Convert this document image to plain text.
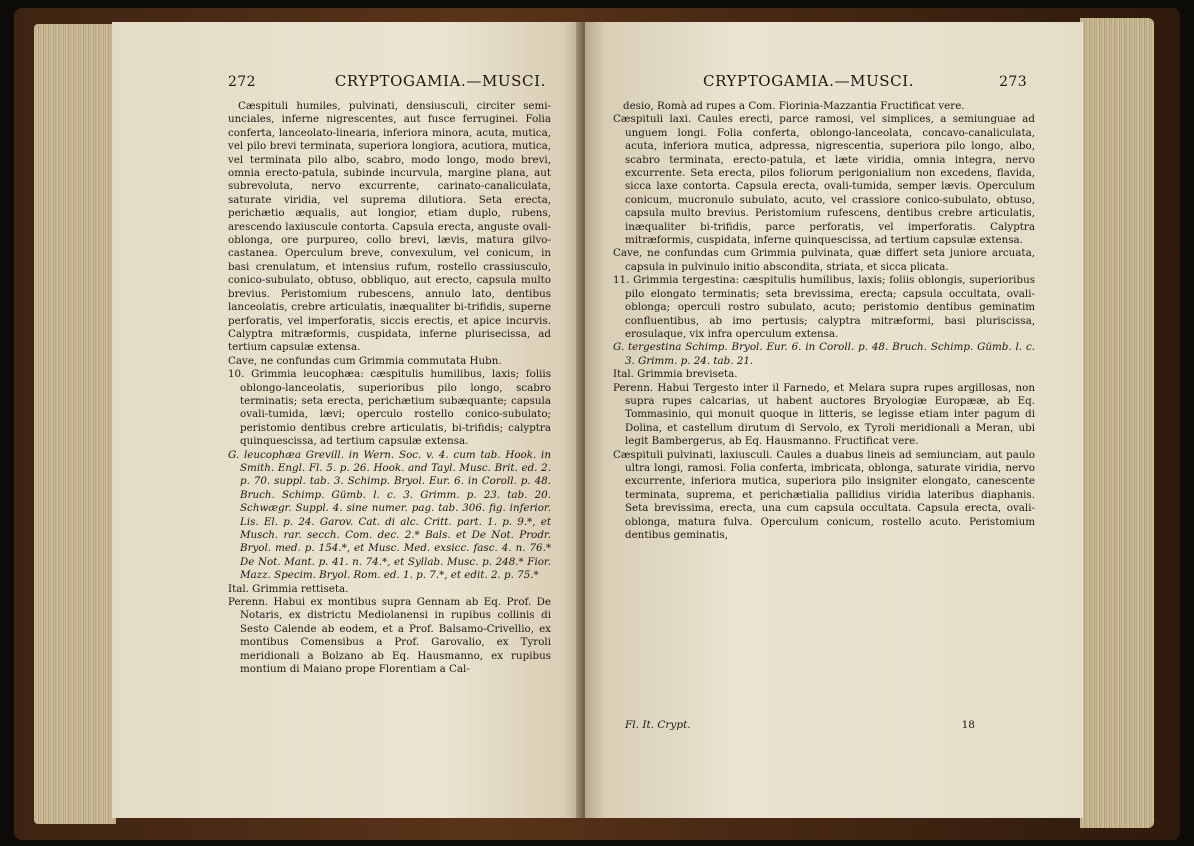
272	CRYPTOGAMIA.—MUSCI.

Cæspituli humiles, pulvinati, densiusculi, circiter semi-unciales, inferne nigrescentes, aut fusce ferruginei. Folia conferta, lanceolato-linearia, inferiora minora, acuta, mutica, vel pilo brevi terminata, superiora longiora, acutiora, mutica, vel terminata pilo albo, scabro, modo longo, modo brevi, omnia erecto-patula, subinde incurvula, margine plana, aut subrevoluta, nervo excurrente, carinato-canaliculata, saturate viridia, vel suprema dilutiora. Seta erecta, perichætio æqualis, aut longior, etiam duplo, rubens, arescendo laxiuscule contorta. Capsula erecta, anguste ovali-oblonga, ore purpureo, collo brevi, lævis, matura gilvo-castanea. Operculum breve, convexulum, vel conicum, in basi crenulatum, et intensius rufum, rostello crassiusculo, conico-subulato, obtuso, obbliquo, aut erecto, capsula multo brevius. Peristomium rubescens, annulo lato, dentibus lanceolatis, crebre articulatis, inæqualiter bi-trifidis, superne perforatis, vel imperforatis, siccis erectis, et apice incurvis. Calyptra mitræformis, cuspidata, inferne plurisecissa, ad tertium capsulæ extensa.

Cave, ne confundas cum Grimmia commutata Hubn.

10. Grimmia leucophæa: cæspitulis humilibus, laxis; foliis oblongo-lanceolatis, superioribus pilo longo, scabro terminatis; seta erecta, perichætium subæquante; capsula ovali-tumida, lævi; operculo rostello conico-subulato; peristomio dentibus crebre articulatis, bi-trifidis; calyptra quinquescissa, ad tertium capsulæ extensa.

G. leucophæa Grevill. in Wern. Soc. v. 4. cum tab. Hook. in Smith. Engl. Fl. 5. p. 26. Hook. and Tayl. Musc. Brit. ed. 2. p. 70. suppl. tab. 3. Schimp. Bryol. Eur. 6. in Coroll. p. 48. Bruch. Schimp. Gümb. l. c. 3. Grimm. p. 23. tab. 20. Schwægr. Suppl. 4. sine numer. pag. tab. 306. fig. inferior. Lis. El. p. 24. Garov. Cat. di alc. Critt. part. 1. p. 9.*, et Musch. rar. secch. Com. dec. 2.* Bals. et De Not. Prodr. Bryol. med. p. 154.*, et Musc. Med. exsicc. fasc. 4. n. 76.* De Not. Mant. p. 41. n. 74.*, et Syllab. Musc. p. 248.* Fior. Mazz. Specim. Bryol. Rom. ed. 1. p. 7.*, et edit. 2. p. 75.*

Ital. Grimmia rettiseta.

Perenn. Habui ex montibus supra Gennam ab Eq. Prof. De Notaris, ex districtu Mediolanensi in rupibus collinis di Sesto Calende ab eodem, et a Prof. Balsamo-Crivellio, ex montibus Comensibus a Prof. Garovalio, ex Tyroli meridionali a Bolzano ab Eq. Hausmanno, ex rupibus montium di Maiano prope Florentiam a Cal-

CRYPTOGAMIA.—MUSCI.	273

desio, Romà ad rupes a Com. Fiorinia-Mazzantia Fructificat vere.

Cæspituli laxi. Caules erecti, parce ramosi, vel simplices, a semiunguae ad unguem longi. Folia conferta, oblongo-lanceolata, concavo-canaliculata, acuta, inferiora mutica, adpressa, nigrescentia, superiora pilo longo, albo, scabro terminata, erecto-patula, et læte viridia, omnia integra, nervo excurrente. Seta erecta, pilos foliorum perigonialium non excedens, flavida, sicca laxe contorta. Capsula erecta, ovali-tumida, semper lævis. Operculum conicum, mucronulo subulato, acuto, vel crassiore conico-subulato, obtuso, capsula multo brevius. Peristomium rufescens, dentibus crebre articulatis, inæqualiter bi-trifidis, parce perforatis, vel imperforatis. Calyptra mitræformis, cuspidata, inferne quinquescissa, ad tertium capsulæ extensa.

Cave, ne confundas cum Grimmia pulvinata, quæ differt seta juniore arcuata, capsula in pulvinulo initio abscondita, striata, et sicca plicata.

11. Grimmia tergestina: cæspitulis humilibus, laxis; foliis oblongis, superioribus pilo elongato terminatis; seta brevissima, erecta; capsula occultata, ovali-oblonga; operculi rostro subulato, acuto; peristomio dentibus geminatim confluentibus, ab imo pertusis; calyptra mitræformi, basi pluriscissa, erosulaque, vix infra operculum extensa.

G. tergestina Schimp. Bryol. Eur. 6. in Coroll. p. 48. Bruch. Schimp. Gümb. l. c. 3. Grimm. p. 24. tab. 21.

Ital. Grimmia breviseta.

Perenn. Habui Tergesto inter il Farnedo, et Melara supra rupes argillosas, non supra rupes calcarias, ut habent auctores Bryologiæ Europææ, ab Eq. Tommasinio, qui monuit quoque in litteris, se legisse etiam inter pagum di Dolina, et castellum dirutum di Servolo, ex Tyroli meridionali a Meran, ubi legit Bambergerus, ab Eq. Hausmanno. Fructificat vere.

Cæspituli pulvinati, laxiusculi. Caules a duabus lineis ad semiunciam, aut paulo ultra longi, ramosi. Folia conferta, imbricata, oblonga, saturate viridia, nervo excurrente, inferiora mutica, superiora pilo insigniter elongato, canescente terminata, suprema, et perichætialia pallidius viridia lateribus diaphanis. Seta brevissima, erecta, una cum capsula occultata. Capsula erecta, ovali-oblonga, matura fulva. Operculum conicum, rostello acuto. Peristomium dentibus geminatis,

Fl. It. Crypt.	18
